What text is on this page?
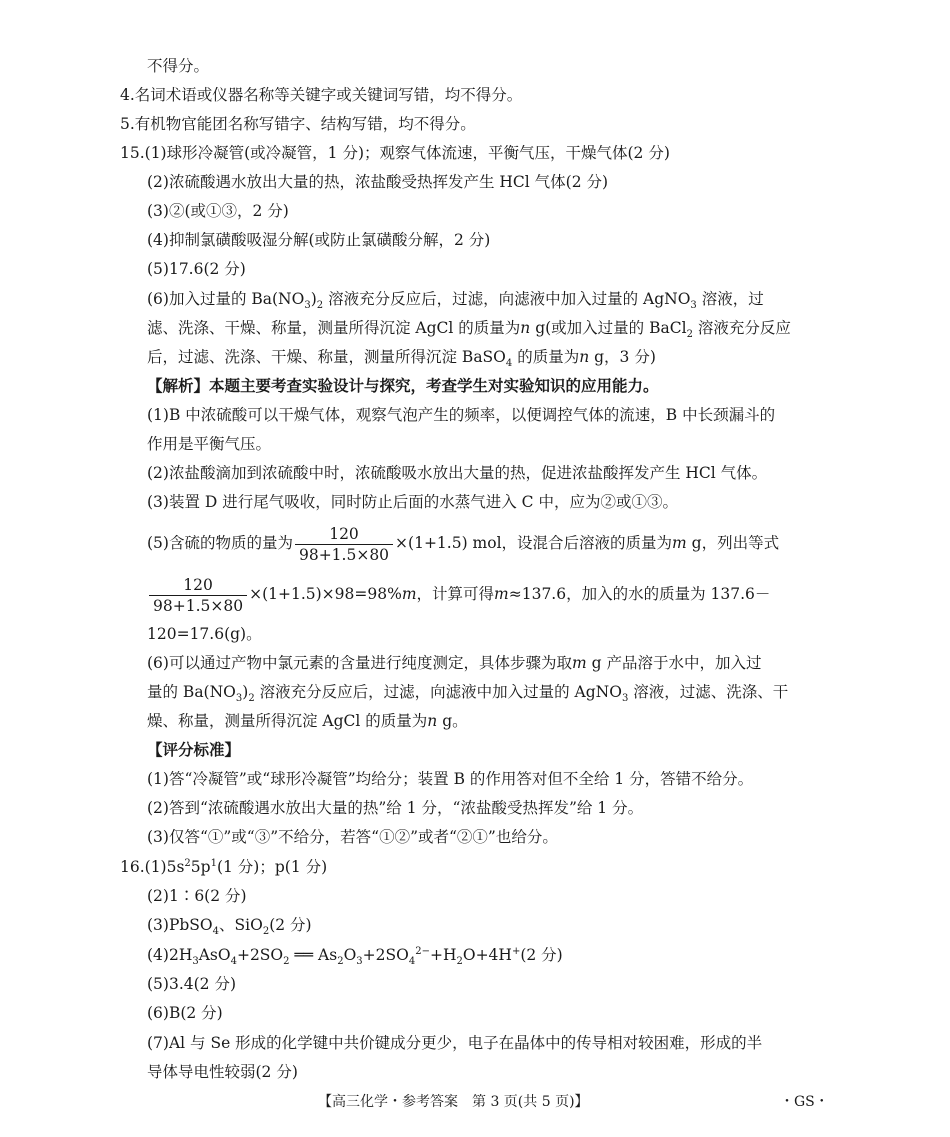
不得分。
4.名词术语或仪器名称等关键字或关键词写错，均不得分。
5.有机物官能团名称写错字、结构写错，均不得分。
15.(1)球形冷凝管(或冷凝管，1 分)；观察气体流速，平衡气压，干燥气体(2 分)
(2)浓硫酸遇水放出大量的热，浓盐酸受热挥发产生 HCl 气体(2 分)
(3)②(或①③，2 分)
(4)抑制氯磺酸吸湿分解(或防止氯磺酸分解，2 分)
(5)17.6(2 分)
(6)加入过量的 $Ba(NO_3)_2$ 溶液充分反应后，过滤，向滤液中加入过量的 AgNO$_3$ 溶液，过
滤、洗涤、干燥、称量，测量所得沉淀 AgCl 的质量为n g(或加入过量的 BaCl$_2$ 溶液充分反应
后，过滤、洗涤、干燥、称量，测量所得沉淀 BaSO$_4$ 的质量为n g，3 分)
【解析】本题主要考查实验设计与探究，考查学生对实验知识的应用能力。
(1)B 中浓硫酸可以干燥气体，观察气泡产生的频率，以便调控气体的流速，B 中长颈漏斗的
作用是平衡气压。
(2)浓盐酸滴加到浓硫酸中时，浓硫酸吸水放出大量的热，促进浓盐酸挥发产生 HCl 气体。
(3)装置 D 进行尾气吸收，同时防止后面的水蒸气进入 C 中，应为②或①③。
(5)含硫的物质的量为 $\frac{120}{98+1.5\times 80} \times(1+1.5)$ mol，设混合后溶液的质量为m g，列出等式
$\frac{120}{98+1.5\times 80} \times(1+1.5)\times 98=98\%m$，计算可得m≈137.6，加入的水的质量为 137.6－
120=17.6(g)。
(6)可以通过产物中氯元素的含量进行纯度测定，具体步骤为取m g 产品溶于水中，加入过
量的 $Ba(NO_3)_2$ 溶液充分反应后，过滤，向滤液中加入过量的 AgNO$_3$ 溶液，过滤、洗涤、干
燥、称量，测量所得沉淀 AgCl 的质量为n g。
【评分标准】
(1)答“冷凝管”或“球形冷凝管”均给分；装置 B 的作用答对但不全给 1 分，答错不给分。
(2)答到“浓硫酸遇水放出大量的热”给 1 分，“浓盐酸受热挥发”给 1 分。
(3)仅答“①”或“③”不给分，若答“①②”或者“②①”也给分。
$16.(1)5s^25p^1(1$ 分)；p(1 分)
(2)1∶6(2 分)
(3)PbSO$_4$、SiO$_2$(2 分)
$(4)2H_3AsO_4+2SO_2$ ══ $As_2O_3+2SO_4^{2-}+H_2O+4H^+(2$ 分)
(5)3.4(2 分)
(6)B(2 分)
(7)Al 与 Se 形成的化学键中共价键成分更少，电子在晶体中的传导相对较困难，形成的半
导体导电性较弱(2 分)
【高三化学・参考答案　第 3 页(共 5 页)】	・GS・
